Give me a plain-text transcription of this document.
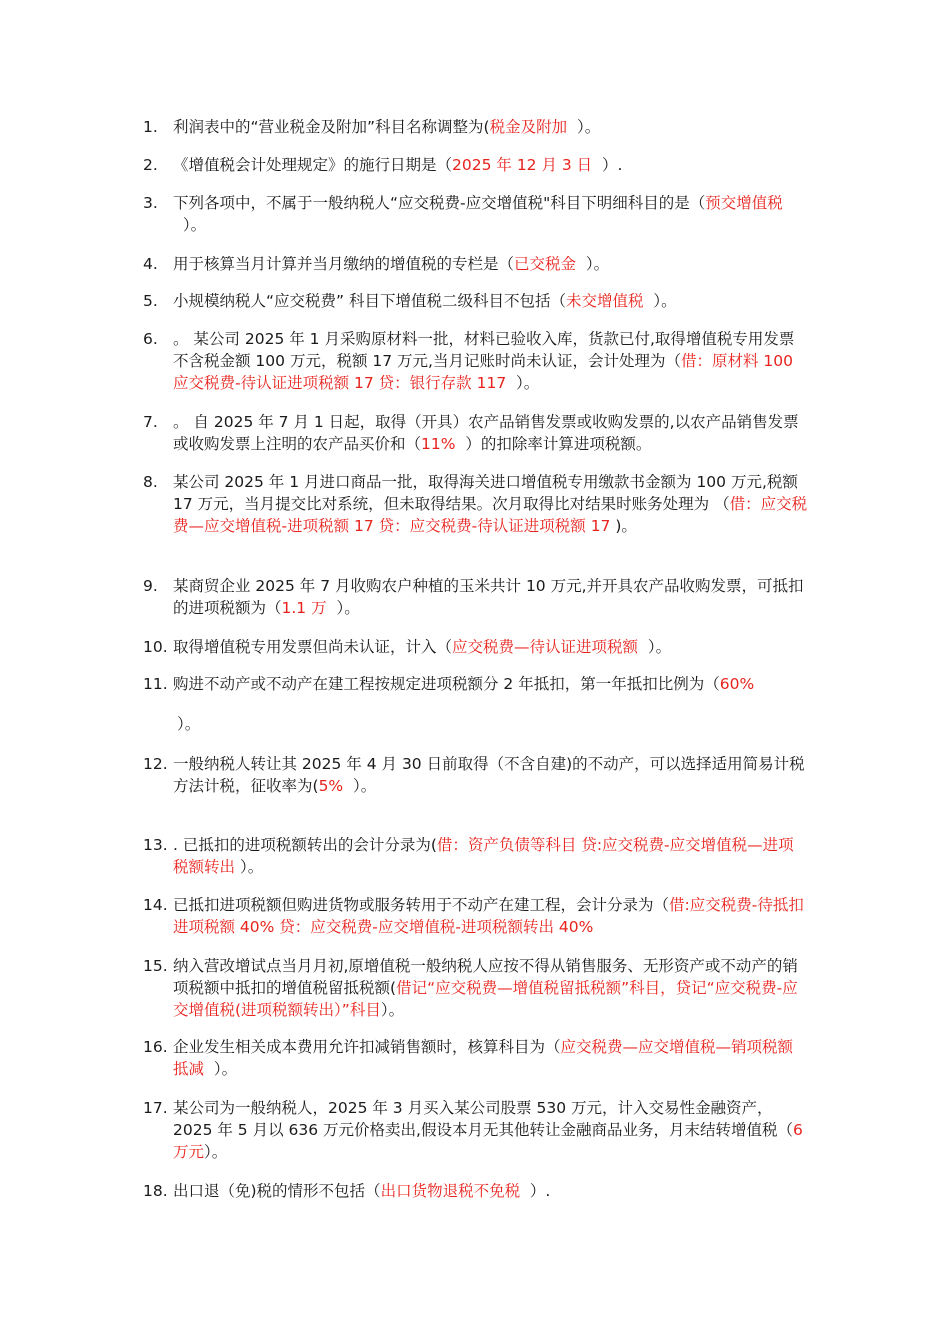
1. 利润表中的“营业税金及附加”科目名称调整为(税金及附加  ）。
2. 《增值税会计处理规定》的施行日期是（2025 年 12 月 3 日  ）.
3. 下列各项中，不属于一般纳税人“应交税费-应交增值税"科目下明细科目的是（预交增值税  ）。
4. 用于核算当月计算并当月缴纳的增值税的专栏是（已交税金  ）。
5. 小规模纳税人“应交税费” 科目下增值税二级科目不包括（未交增值税  ）。
6. 。 某公司 2025 年 1 月采购原材料一批，材料已验收入库，货款已付,取得增值税专用发票不含税金额 100 万元，税额 17 万元,当月记账时尚未认证，会计处理为（借：原材料 100 应交税费-待认证进项税额 17 贷：银行存款 117  ）。
7. 。 自 2025 年 7 月 1 日起，取得（开具）农产品销售发票或收购发票的,以农产品销售发票或收购发票上注明的农产品买价和（11%  ）的扣除率计算进项税额。
8. 某公司 2025 年 1 月进口商品一批，取得海关进口增值税专用缴款书金额为 100 万元,税额 17 万元，当月提交比对系统，但未取得结果。次月取得比对结果时账务处理为 （借：应交税费—应交增值税-进项税额 17 贷：应交税费-待认证进项税额 17 )。
9. 某商贸企业 2025 年 7 月收购农户种植的玉米共计 10 万元,并开具农产品收购发票，可抵扣的进项税额为（1.1 万  ）。
10. 取得增值税专用发票但尚未认证，计入（应交税费—待认证进项税额  ）。
11. 购进不动产或不动产在建工程按规定进项税额分 2 年抵扣，第一年抵扣比例为（60%
）。
12. 一般纳税人转让其 2025 年 4 月 30 日前取得（不含自建)的不动产，可以选择适用简易计税方法计税，征收率为(5%  ）。
13. . 已抵扣的进项税额转出的会计分录为(借：资产负债等科目 贷:应交税费-应交增值税—进项税额转出 ）。
14. 已抵扣进项税额但购进货物或服务转用于不动产在建工程，会计分录为（借:应交税费-待抵扣进项税额 40% 贷：应交税费-应交增值税-进项税额转出 40%
15. 纳入营改增试点当月月初,原增值税一般纳税人应按不得从销售服务、无形资产或不动产的销项税额中抵扣的增值税留抵税额(借记“应交税费—增值税留抵税额”科目，贷记“应交税费-应交增值税(进项税额转出）”科目）。
16. 企业发生相关成本费用允许扣减销售额时，核算科目为（应交税费—应交增值税—销项税额抵减  ）。
17. 某公司为一般纳税人，2025 年 3 月买入某公司股票 530 万元，计入交易性金融资产，2025 年 5 月以 636 万元价格卖出,假设本月无其他转让金融商品业务，月末结转增值税（6 万元）。
18. 出口退（免)税的情形不包括（出口货物退税不免税  ）.
